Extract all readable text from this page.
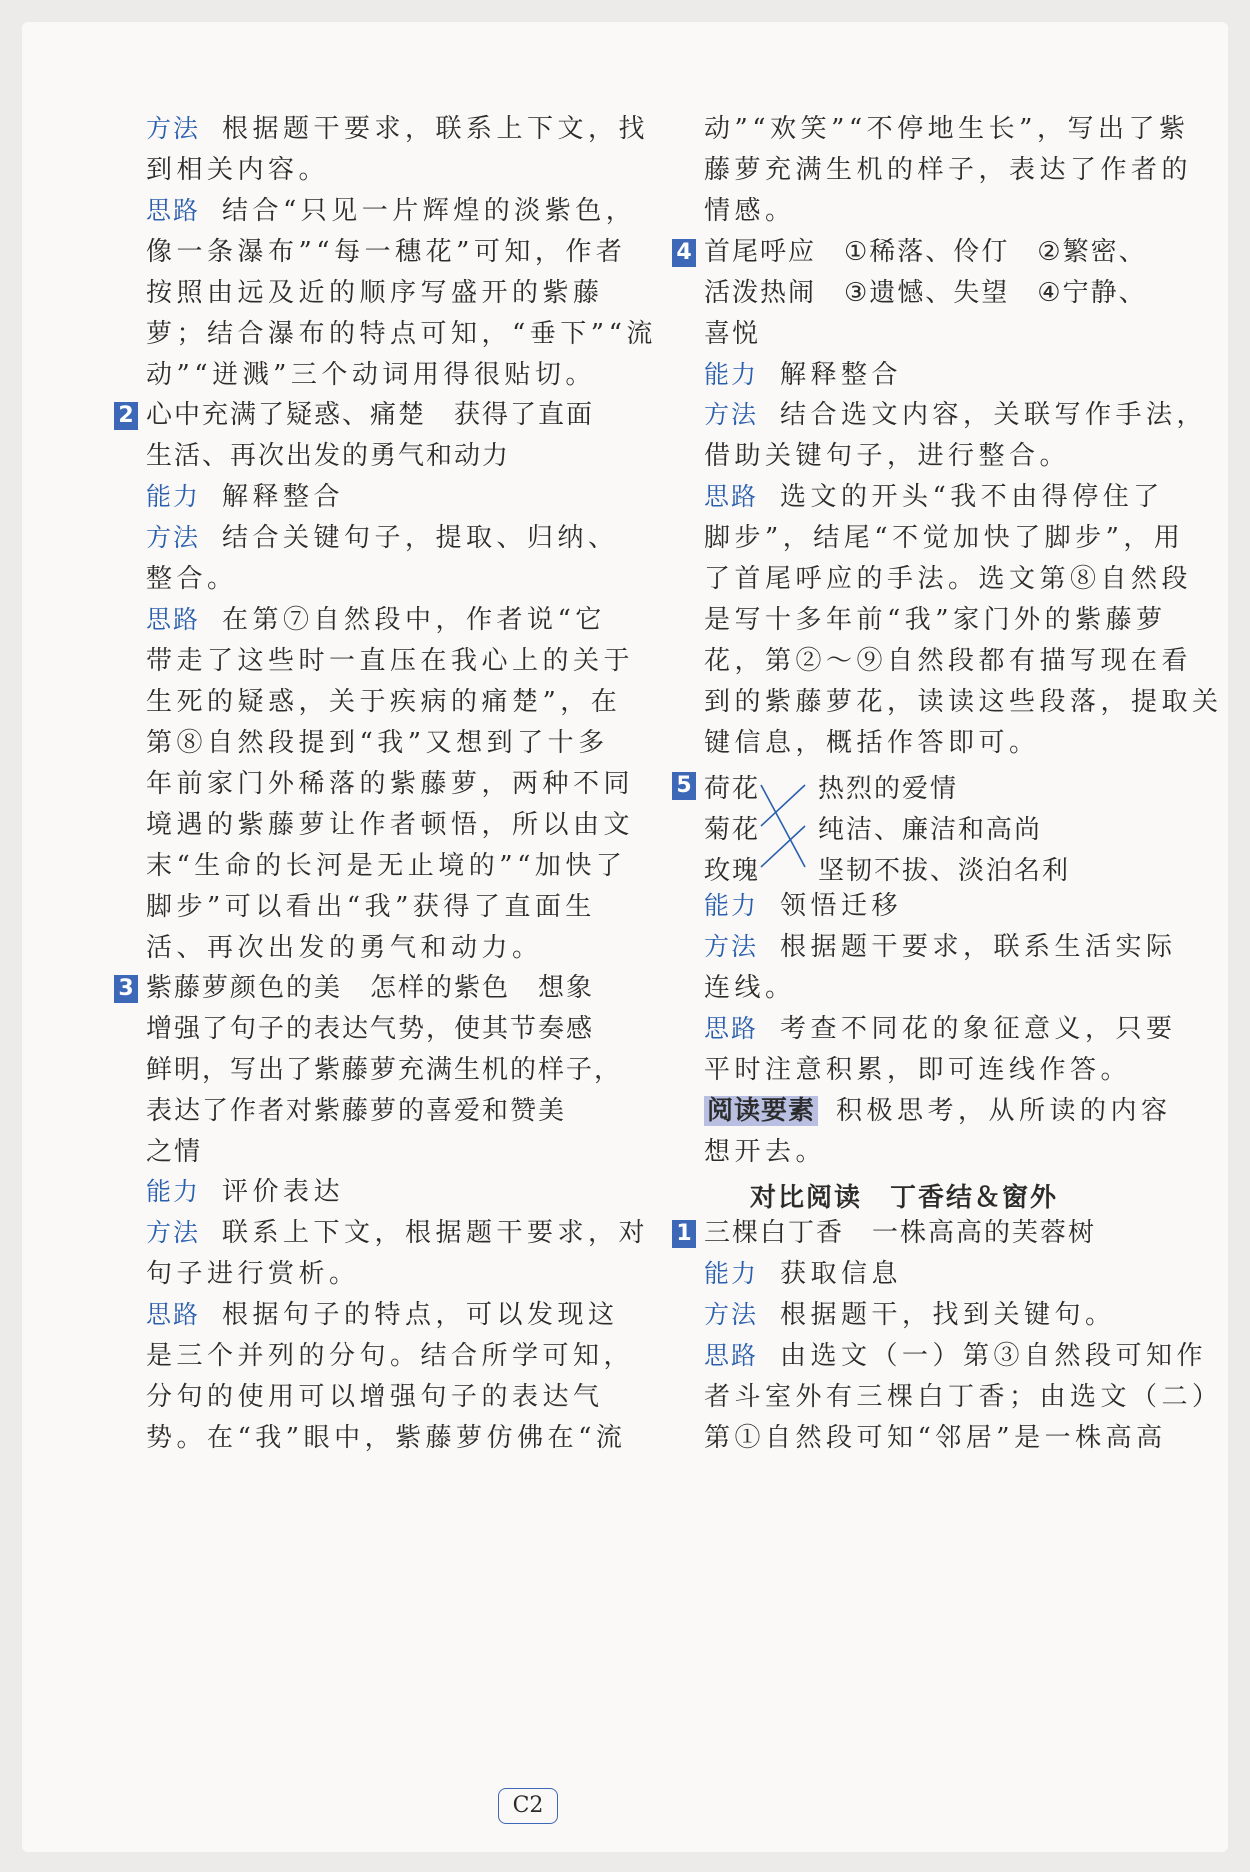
方法 根据题干要求，联系上下文，找
到相关内容。
思路 结合“只见一片辉煌的淡紫色，
像一条瀑布”“每一穗花”可知，作者
按照由远及近的顺序写盛开的紫藤
萝；结合瀑布的特点可知，“垂下”“流
动”“迸溅”三个动词用得很贴切。
2 心中充满了疑惑、痛楚　获得了直面
生活、再次出发的勇气和动力
能力 解释整合
方法 结合关键句子，提取、归纳、
整合。
思路 在第⑦自然段中，作者说“它
带走了这些时一直压在我心上的关于
生死的疑惑，关于疾病的痛楚”，在
第⑧自然段提到“我”又想到了十多
年前家门外稀落的紫藤萝，两种不同
境遇的紫藤萝让作者顿悟，所以由文
末“生命的长河是无止境的”“加快了
脚步”可以看出“我”获得了直面生
活、再次出发的勇气和动力。
3 紫藤萝颜色的美　怎样的紫色　想象
增强了句子的表达气势，使其节奏感
鲜明，写出了紫藤萝充满生机的样子，
表达了作者对紫藤萝的喜爱和赞美
之情
能力 评价表达
方法 联系上下文，根据题干要求，对
句子进行赏析。
思路 根据句子的特点，可以发现这
是三个并列的分句。结合所学可知，
分句的使用可以增强句子的表达气
势。在“我”眼中，紫藤萝仿佛在“流
动”“欢笑”“不停地生长”，写出了紫
藤萝充满生机的样子，表达了作者的
情感。
4 首尾呼应　①稀落、伶仃　②繁密、
活泼热闹　③遗憾、失望　④宁静、
喜悦
能力 解释整合
方法 结合选文内容，关联写作手法，
借助关键句子，进行整合。
思路 选文的开头“我不由得停住了
脚步”，结尾“不觉加快了脚步”，用
了首尾呼应的手法。选文第⑧自然段
是写十多年前“我”家门外的紫藤萝
花，第②～⑨自然段都有描写现在看
到的紫藤萝花，读读这些段落，提取关
键信息，概括作答即可。
5 荷花
菊花
玫瑰
热烈的爱情
纯洁、廉洁和高尚
坚韧不拔、淡泊名利
能力 领悟迁移
方法 根据题干要求，联系生活实际
连线。
思路 考查不同花的象征意义，只要
平时注意积累，即可连线作答。
阅读要素 积极思考，从所读的内容
想开去。
对比阅读　丁香结＆窗外
1 三棵白丁香　一株高高的芙蓉树
能力 获取信息
方法 根据题干，找到关键句。
思路 由选文（一）第③自然段可知作
者斗室外有三棵白丁香；由选文（二）
第①自然段可知“邻居”是一株高高
C2
